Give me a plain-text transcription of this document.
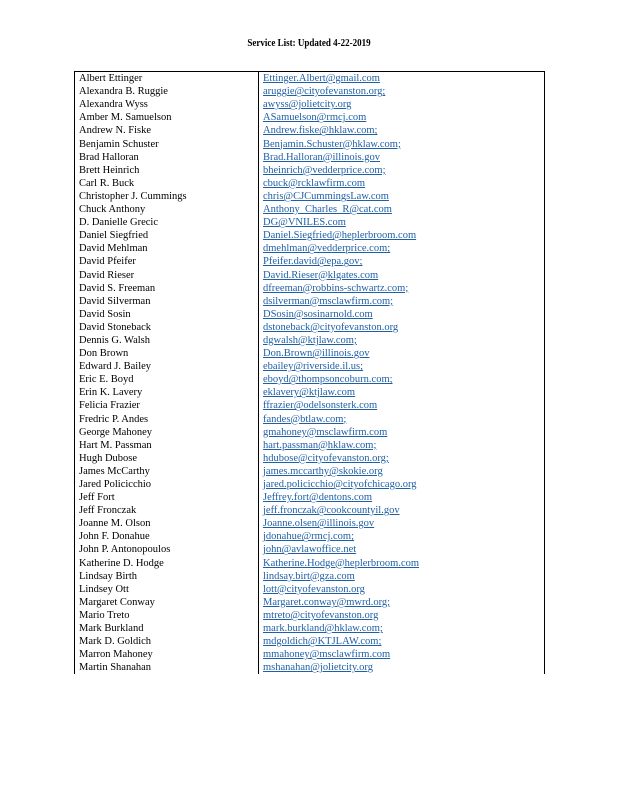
Service List: Updated 4-22-2019
Albert Ettinger	Ettinger.Albert@gmail.com
Alexandra B. Ruggie	aruggie@cityofevanston.org;
Alexandra Wyss	awyss@jolietcity.org
Amber M. Samuelson	ASamuelson@rmcj.com
Andrew N. Fiske	Andrew.fiske@hklaw.com;
Benjamin Schuster	Benjamin.Schuster@hklaw.com;
Brad Halloran	Brad.Halloran@illinois.gov
Brett Heinrich	bheinrich@vedderprice.com;
Carl R. Buck	cbuck@rcklawfirm.com
Christopher J. Cummings	chris@CJCummingsLaw.com
Chuck Anthony	Anthony_Charles_R@cat.com
D. Danielle Grecic	DG@VNILES.com
Daniel Siegfried	Daniel.Siegfried@heplerbroom.com
David Mehlman	dmehlman@vedderprice.com;
David Pfeifer	Pfeifer.david@epa.gov;
David Rieser	David.Rieser@klgates.com
David S. Freeman	dfreeman@robbins-schwartz.com;
David Silverman	dsilverman@msclawfirm.com;
David Sosin	DSosin@sosinarnold.com
David Stoneback	dstoneback@cityofevanston.org
Dennis G. Walsh	dgwalsh@ktjlaw.com;
Don Brown	Don.Brown@illinois.gov
Edward J. Bailey	ebailey@riverside.il.us;
Eric E. Boyd	eboyd@thompsoncoburn.com;
Erin K. Lavery	eklavery@ktjlaw.com
Felicia Frazier	ffrazier@odelsonsterk.com
Fredric P. Andes	fandes@btlaw.com;
George Mahoney	gmahoney@msclawfirm.com
Hart M. Passman	hart.passman@hklaw.com;
Hugh Dubose	hdubose@cityofevanston.org;
James McCarthy	james.mccarthy@skokie.org
Jared Policicchio	jared.policicchio@cityofchicago.org
Jeff Fort	Jeffrey.fort@dentons.com
Jeff Fronczak	jeff.fronczak@cookcountyil.gov
Joanne M. Olson	Joanne.olsen@illinois.gov
John F. Donahue	jdonahue@rmcj.com;
John P. Antonopoulos	john@avlawoffice.net
Katherine D. Hodge	Katherine.Hodge@heplerbroom.com
Lindsay Birth	lindsay.birt@gza.com
Lindsey Ott	lott@cityofevanston.org
Margaret Conway	Margaret.conway@mwrd.org;
Mario Treto	mtreto@cityofevanston.org
Mark Burkland	mark.burkland@hklaw.com;
Mark D. Goldich	mdgoldich@KTJLAW.com;
Marron Mahoney	mmahoney@msclawfirm.com
Martin Shanahan	mshanahan@jolietcity.org
